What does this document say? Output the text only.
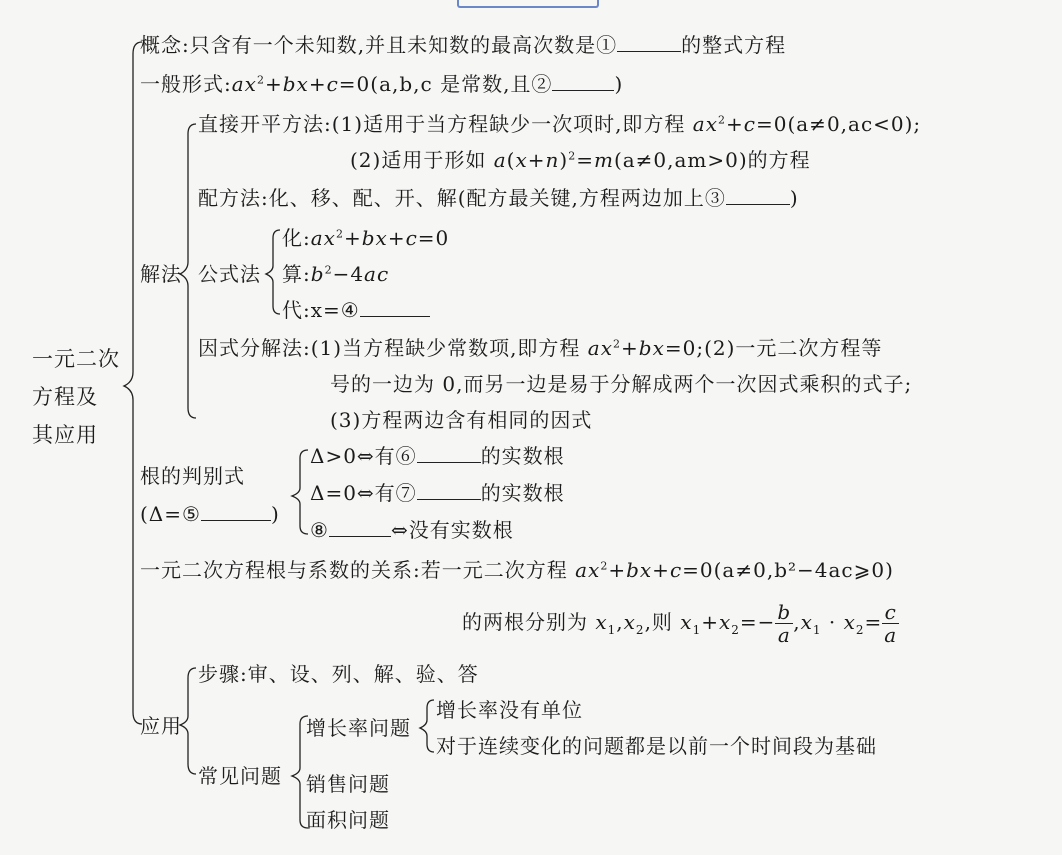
一元二次
方程及
其应用
概念:只含有一个未知数,并且未知数的最高次数是①	的整式方程
一般形式$:ax^2+bx+c=0(a,b,c$ 是常数,且②	)
解法
直接开平方法:(1)适用于当方程缺少一次项时,即方程 $ax^2+c=0(a\ne 0,ac<0)$;
(2)适用于形如 $a(x+n)^2=m(a\ne 0,am>0)$的方程
配方法:化、移、配、开、解(配方最关键,方程两边加上③	)
公式法
化$:ax^2+bx+c=0$
算$:b^2-4ac$
代:x=④
因式分解法:(1)当方程缺少常数项,即方程 $ax^2+bx=0;(2)$一元二次方程等
号的一边为 0,而另一边是易于分解成两个一次因式乘积的式子;
(3)方程两边含有相同的因式
根的判别式
(Δ=⑤	)
Δ>0⇔有⑥	的实数根
Δ=0⇔有⑦	的实数根
⑧	⇔没有实数根
一元二次方程根与系数的关系:若一元二次方程 $ax^2+bx+c=0(a\ne 0,b^2-4ac⩾0)$
的两根分别为 $x_1,x_2$,则 $x_1+x_2=- \frac{b}{a} ,x_1 \cdot x_2= \frac{c}{a}$
应用
步骤:审、设、列、解、验、答
常见问题
增长率问题
增长率没有单位
对于连续变化的问题都是以前一个时间段为基础
销售问题
面积问题
